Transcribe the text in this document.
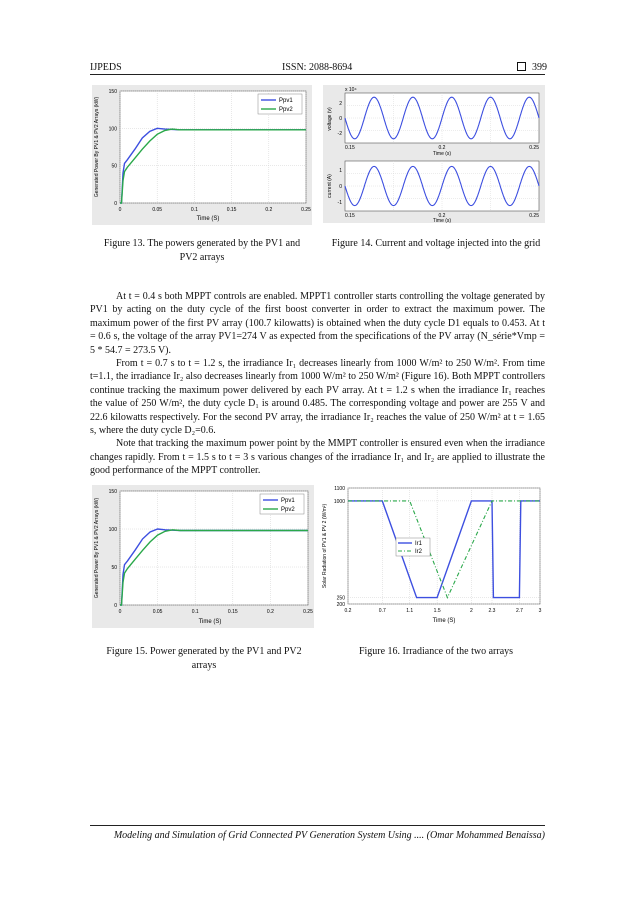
IJPEDS	ISSN: 2088-8694	399
0
50
100
150
0	0.05	0.1	0.15	0.2	0.25
Ppv1
Ppv2
Time (S)
Generated Power By PV1 & PV2 Arrays (kW)
x 10⁴
2
0
-2
0.15	0.2	0.25
Time (s)
voltage (v)
1
0
-1
0.15	0.2	0.25
Time (s)
current (A)
Figure 13. The powers generated by the PV1 and
PV2 arrays
Figure 14. Current and voltage injected into the grid

At t = 0.4 s both MPPT controls are enabled. MPPT1 controller starts controlling the voltage generated by PV1 by acting on the duty cycle of the first boost converter in order to extract the maximum power. The maximum power of the first PV array (100.7 kilowatts) is obtained when the duty cycle D1 equals to 0.453. At t = 0.6 s, the voltage of the array PV1=274 V as expected from the specifications of the PV array (N_série*Vmp = 5 * 54.7 = 273.5 V).

From t = 0.7 s to t = 1.2 s, the irradiance Ir₁ decreases linearly from 1000 W/m² to 250 W/m². From time t=1.1, the irradiance Ir₂ also decreases linearly from 1000 W/m² to 250 W/m² (Figure 16). Both MPPT controllers continue tracking the maximum power delivered by each PV array. At t = 1.2 s when the irradiance Ir₁ reaches the value of 250 W/m², the duty cycle D₁ is around 0.485. The corresponding voltage and power are 255 V and 22.6 kilowatts respectively. For the second PV array, the irradiance Ir₂ reaches the value of 250 W/m² at t = 1.65 s, where the duty cycle D₂=0.6.

Note that tracking the maximum power point by the MMPT controller is ensured even when the irradiance changes rapidly. From t = 1.5 s to t = 3 s various changes of the irradiance Ir₁ and Ir₂ are applied to illustrate the good performance of the MPPT controller.

0
50
100
150
0	0.05	0.1	0.15	0.2	0.25
Ppv1
Ppv2
Time (S)
Generated Power By PV1 & PV2 Arrays (kW)
200
250
1000
1100
0.2	0.7	1.1	1.5	2	2.3	2.7	3
Ir1
Ir2
Time (S)
Solar Radiation of PV1 & PV 2 (W/m²)
Figure 15. Power generated by the PV1 and PV2
arrays
Figure 16. Irradiance of the two arrays
Modeling and Simulation of Grid Connected PV Generation System Using .... (Omar Mohammed Benaissa)
